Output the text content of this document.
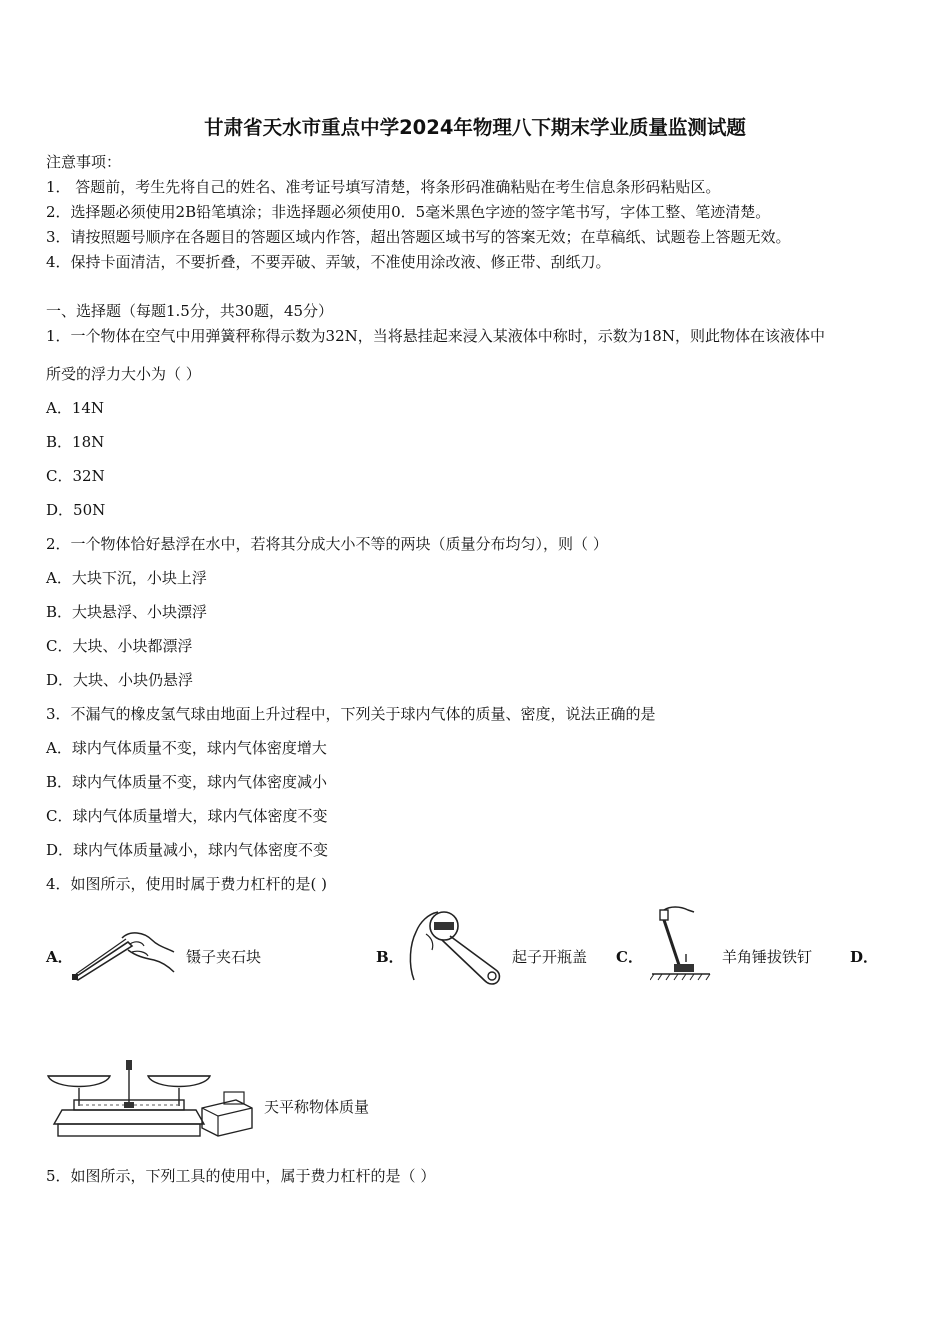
甘肃省天水市重点中学2024年物理八下期末学业质量监测试题
注意事项：
1． 答题前，考生先将自己的姓名、准考证号填写清楚，将条形码准确粘贴在考生信息条形码粘贴区。
2．选择题必须使用2B铅笔填涂；非选择题必须使用0．5毫米黑色字迹的签字笔书写，字体工整、笔迹清楚。
3．请按照题号顺序在各题目的答题区域内作答，超出答题区域书写的答案无效；在草稿纸、试题卷上答题无效。
4．保持卡面清洁，不要折叠，不要弄破、弄皱，不准使用涂改液、修正带、刮纸刀。
一、选择题（每题1.5分，共30题，45分）
1．一个物体在空气中用弹簧秤称得示数为32N，当将悬挂起来浸入某液体中称时，示数为18N，则此物体在该液体中
所受的浮力大小为（ ）
A．14N
B．18N
C．32N
D．50N
2．一个物体恰好悬浮在水中，若将其分成大小不等的两块（质量分布均匀），则（ ）
A．大块下沉，小块上浮
B．大块悬浮、小块漂浮
C．大块、小块都漂浮
D．大块、小块仍悬浮
3．不漏气的橡皮氢气球由地面上升过程中，下列关于球内气体的质量、密度，说法正确的是
A．球内气体质量不变，球内气体密度增大
B．球内气体质量不变，球内气体密度减小
C．球内气体质量增大，球内气体密度不变
D．球内气体质量减小，球内气体密度不变
4．如图所示，使用时属于费力杠杆的是( )
A．	镊子夹石块	B．	起子开瓶盖 C．	羊角锤拔铁钉	D．
天平称物体质量
5．如图所示，下列工具的使用中，属于费力杠杆的是（ ）
